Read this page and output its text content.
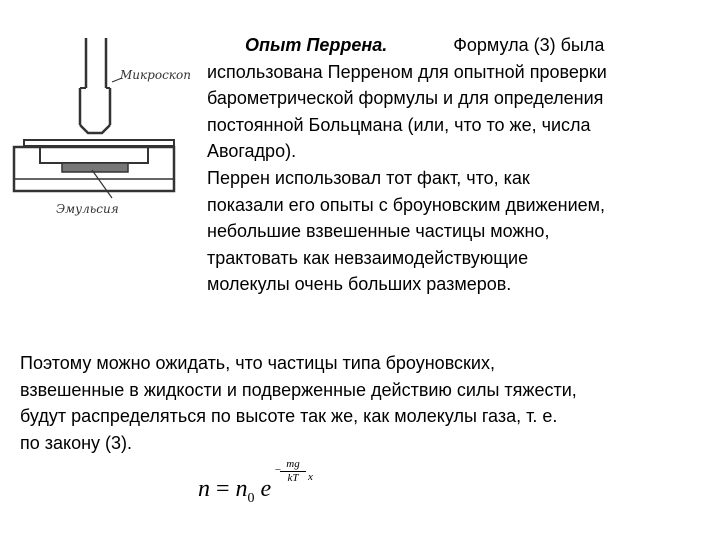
Микроскоп
Эмульсия
Опыт Перрена.	Формула (3) была
использована Перреном для опытной проверки
барометрической формулы и для определения
постоянной Больцмана (или, что то же, числа
Авогадро).
Перрен использовал тот факт, что, как
показали его опыты с броуновским движением,
небольшие взвешенные частицы можно,
трактовать как невзаимодействующие
молекулы очень больших размеров.
Поэтому можно ожидать, что частицы типа броуновских,
взвешенные в жидкости и подверженные действию силы тяжести,
будут распределяться по высоте так же, как молекулы газа, т. е.
по закону (3).
$n = n_0$ e
−
$\frac{mg}{kT}$ x
